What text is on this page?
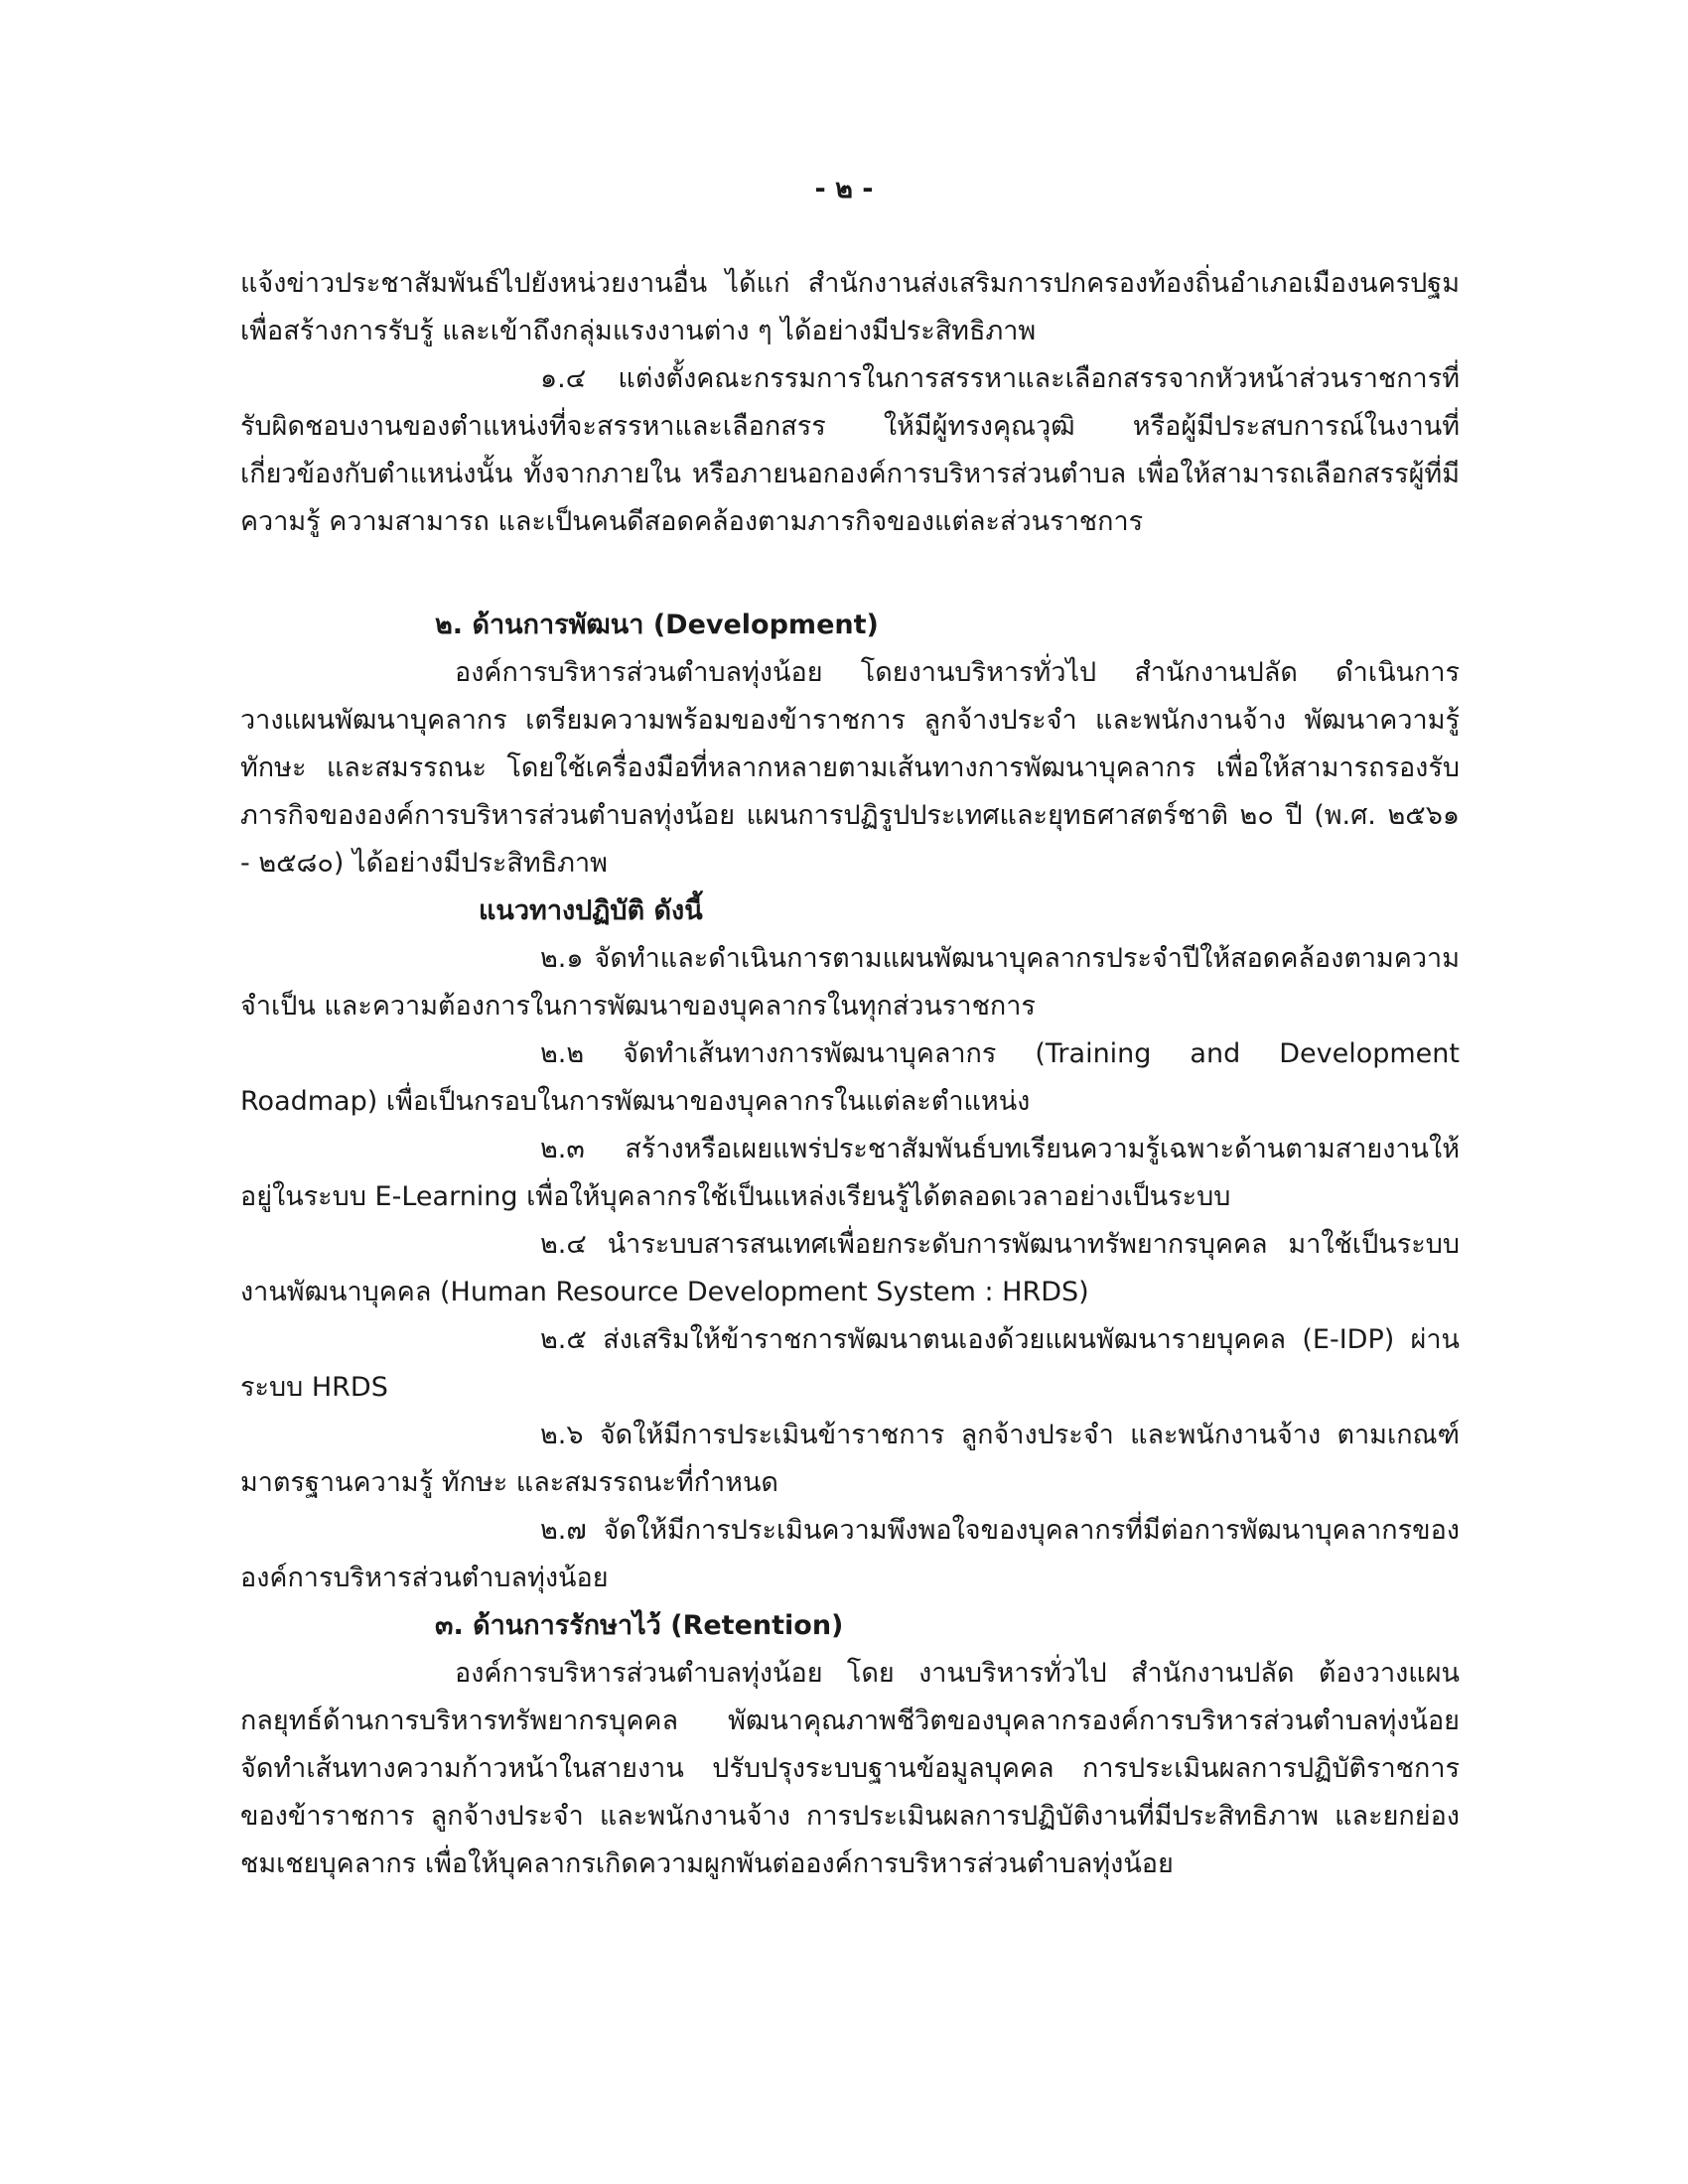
- ๒ -

แจ้งข่าวประชาสัมพันธ์ไปยังหน่วยงานอื่น ได้แก่ สำนักงานส่งเสริมการปกครองท้องถิ่นอำเภอเมืองนครปฐม เพื่อสร้างการรับรู้ และเข้าถึงกลุ่มแรงงานต่าง ๆ ได้อย่างมีประสิทธิภาพ

๑.๔ แต่งตั้งคณะกรรมการในการสรรหาและเลือกสรรจากหัวหน้าส่วนราชการที่รับผิดชอบงานของตำแหน่งที่จะสรรหาและเลือกสรร ให้มีผู้ทรงคุณวุฒิ หรือผู้มีประสบการณ์ในงานที่เกี่ยวข้องกับตำแหน่งนั้น ทั้งจากภายใน หรือภายนอกองค์การบริหารส่วนตำบล เพื่อให้สามารถเลือกสรรผู้ที่มีความรู้ ความสามารถ และเป็นคนดีสอดคล้องตามภารกิจของแต่ละส่วนราชการ

๒. ด้านการพัฒนา (Development)

องค์การบริหารส่วนตำบลทุ่งน้อย โดยงานบริหารทั่วไป สำนักงานปลัด ดำเนินการวางแผนพัฒนาบุคลากร เตรียมความพร้อมของข้าราชการ ลูกจ้างประจำ และพนักงานจ้าง พัฒนาความรู้ ทักษะ และสมรรถนะ โดยใช้เครื่องมือที่หลากหลายตามเส้นทางการพัฒนาบุคลากร เพื่อให้สามารถรองรับภารกิจขององค์การบริหารส่วนตำบลทุ่งน้อย แผนการปฏิรูปประเทศและยุทธศาสตร์ชาติ ๒๐ ปี (พ.ศ. ๒๕๖๑ - ๒๕๘๐) ได้อย่างมีประสิทธิภาพ

แนวทางปฏิบัติ ดังนี้

๒.๑ จัดทำและดำเนินการตามแผนพัฒนาบุคลากรประจำปีให้สอดคล้องตามความจำเป็น และความต้องการในการพัฒนาของบุคลากรในทุกส่วนราชการ

๒.๒ จัดทำเส้นทางการพัฒนาบุคลากร (Training and Development Roadmap) เพื่อเป็นกรอบในการพัฒนาของบุคลากรในแต่ละตำแหน่ง

๒.๓ สร้างหรือเผยแพร่ประชาสัมพันธ์บทเรียนความรู้เฉพาะด้านตามสายงานให้อยู่ในระบบ E-Learning เพื่อให้บุคลากรใช้เป็นแหล่งเรียนรู้ได้ตลอดเวลาอย่างเป็นระบบ

๒.๔ นำระบบสารสนเทศเพื่อยกระดับการพัฒนาทรัพยากรบุคคล มาใช้เป็นระบบงานพัฒนาบุคคล (Human Resource Development System : HRDS)

๒.๕ ส่งเสริมให้ข้าราชการพัฒนาตนเองด้วยแผนพัฒนารายบุคคล (E-IDP) ผ่านระบบ HRDS

๒.๖ จัดให้มีการประเมินข้าราชการ ลูกจ้างประจำ และพนักงานจ้าง ตามเกณฑ์มาตรฐานความรู้ ทักษะ และสมรรถนะที่กำหนด

๒.๗ จัดให้มีการประเมินความพึงพอใจของบุคลากรที่มีต่อการพัฒนาบุคลากรขององค์การบริหารส่วนตำบลทุ่งน้อย

๓. ด้านการรักษาไว้ (Retention)

องค์การบริหารส่วนตำบลทุ่งน้อย โดย งานบริหารทั่วไป สำนักงานปลัด ต้องวางแผนกลยุทธ์ด้านการบริหารทรัพยากรบุคคล พัฒนาคุณภาพชีวิตของบุคลากรองค์การบริหารส่วนตำบลทุ่งน้อย จัดทำเส้นทางความก้าวหน้าในสายงาน ปรับปรุงระบบฐานข้อมูลบุคคล การประเมินผลการปฏิบัติราชการของข้าราชการ ลูกจ้างประจำ และพนักงานจ้าง การประเมินผลการปฏิบัติงานที่มีประสิทธิภาพ และยกย่อง ชมเชยบุคลากร เพื่อให้บุคลากรเกิดความผูกพันต่อองค์การบริหารส่วนตำบลทุ่งน้อย
